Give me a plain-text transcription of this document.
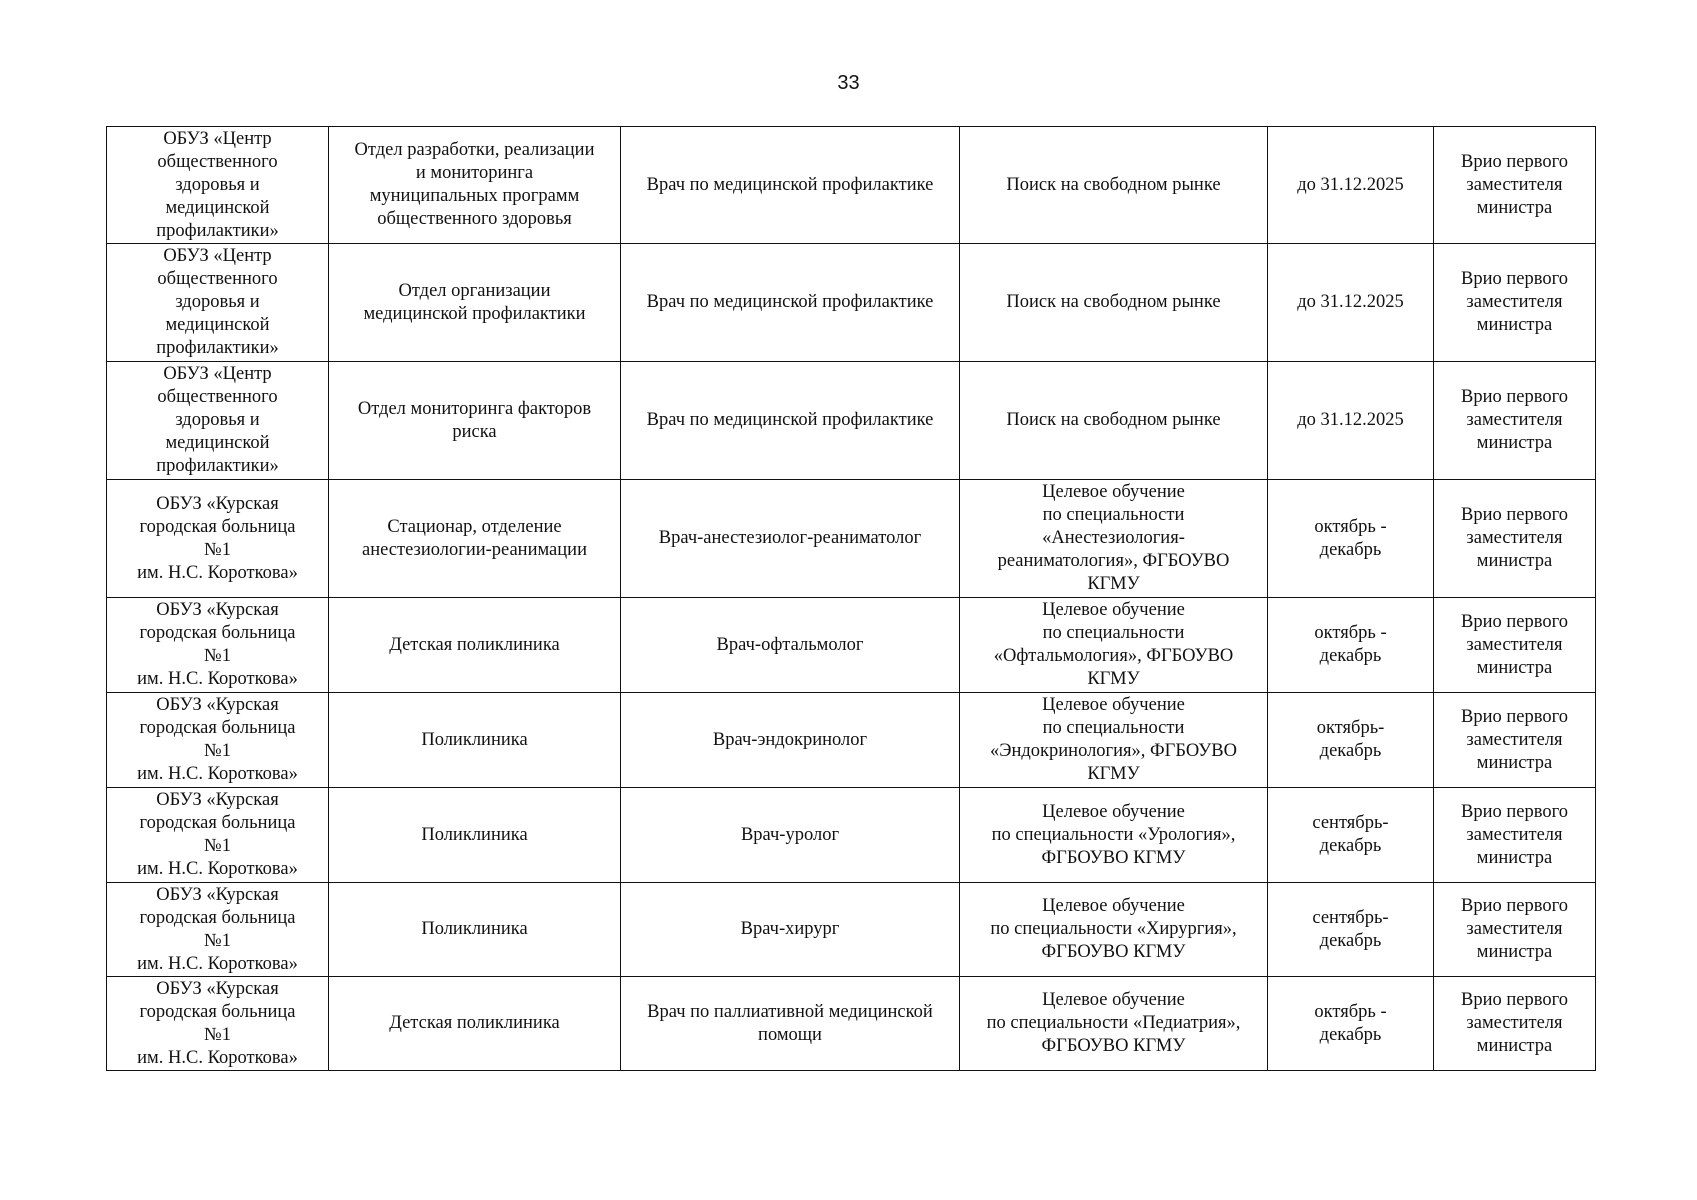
33
ОБУЗ «Центр
общественного
здоровья и
медицинской
профилактики»	Отдел разработки, реализации
и мониторинга
муниципальных программ
общественного здоровья	Врач по медицинской профилактике	Поиск на свободном рынке	до 31.12.2025	Врио первого
заместителя
министра
ОБУЗ «Центр
общественного
здоровья и
медицинской
профилактики»	Отдел организации
медицинской профилактики	Врач по медицинской профилактике	Поиск на свободном рынке	до 31.12.2025	Врио первого
заместителя
министра
ОБУЗ «Центр
общественного
здоровья и
медицинской
профилактики»	Отдел мониторинга факторов
риска	Врач по медицинской профилактике	Поиск на свободном рынке	до 31.12.2025	Врио первого
заместителя
министра
ОБУЗ «Курская
городская больница
№1
им. Н.С. Короткова»	Стационар, отделение
анестезиологии-реанимации	Врач-анестезиолог-реаниматолог	Целевое обучение
по специальности
«Анестезиология-
реаниматология», ФГБОУВО
КГМУ	октябрь -
декабрь	Врио первого
заместителя
министра
ОБУЗ «Курская
городская больница
№1
им. Н.С. Короткова»	Детская поликлиника	Врач-офтальмолог	Целевое обучение
по специальности
«Офтальмология», ФГБОУВО
КГМУ	октябрь -
декабрь	Врио первого
заместителя
министра
ОБУЗ «Курская
городская больница
№1
им. Н.С. Короткова»	Поликлиника	Врач-эндокринолог	Целевое обучение
по специальности
«Эндокринология», ФГБОУВО
КГМУ	октябрь-
декабрь	Врио первого
заместителя
министра
ОБУЗ «Курская
городская больница
№1
им. Н.С. Короткова»	Поликлиника	Врач-уролог	Целевое обучение
по специальности «Урология»,
ФГБОУВО КГМУ	сентябрь-
декабрь	Врио первого
заместителя
министра
ОБУЗ «Курская
городская больница
№1
им. Н.С. Короткова»	Поликлиника	Врач-хирург	Целевое обучение
по специальности «Хирургия»,
ФГБОУВО КГМУ	сентябрь-
декабрь	Врио первого
заместителя
министра
ОБУЗ «Курская
городская больница
№1
им. Н.С. Короткова»	Детская поликлиника	Врач по паллиативной медицинской
помощи	Целевое обучение
по специальности «Педиатрия»,
ФГБОУВО КГМУ	октябрь -
декабрь	Врио первого
заместителя
министра
